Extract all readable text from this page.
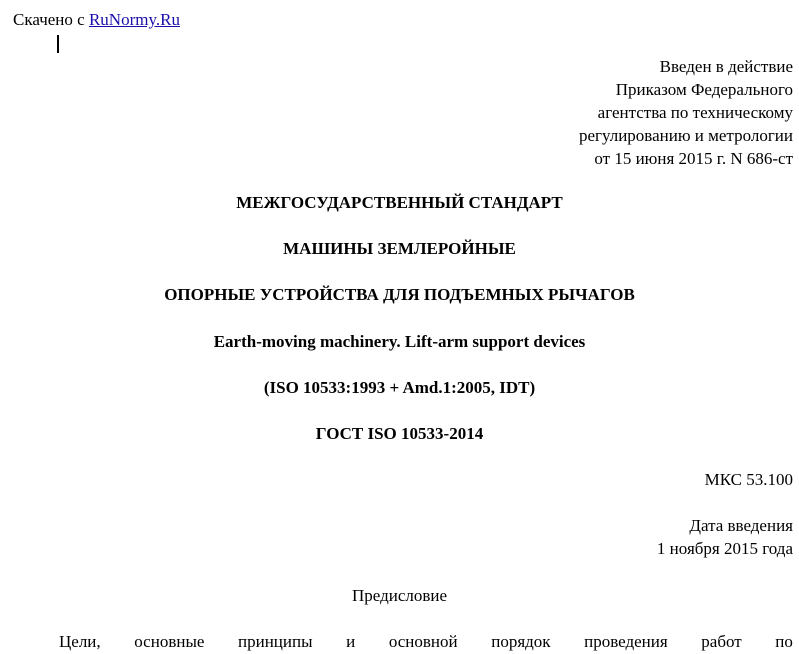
Скачено с RuNormy.Ru
Введен в действие
Приказом Федерального
агентства по техническому
регулированию и метрологии
от 15 июня 2015 г. N 686-ст
МЕЖГОСУДАРСТВЕННЫЙ СТАНДАРТ
МАШИНЫ ЗЕМЛЕРОЙНЫЕ
ОПОРНЫЕ УСТРОЙСТВА ДЛЯ ПОДЪЕМНЫХ РЫЧАГОВ
Earth-moving machinery. Lift-arm support devices
(ISO 10533:1993 + Amd.1:2005, IDT)
ГОСТ ISO 10533-2014
МКС 53.100
Дата введения
1 ноября 2015 года
Предисловие
Цели, основные принципы и основной порядок проведения работ по
